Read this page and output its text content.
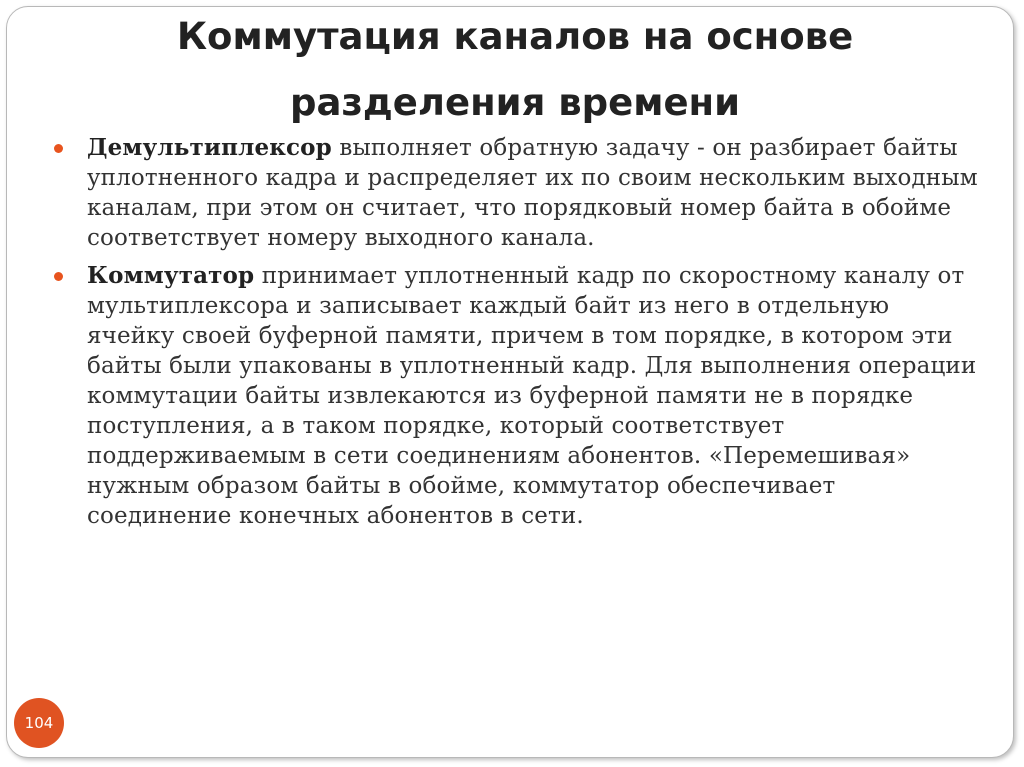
Коммутация каналов на основе
разделения времени
Демультиплексор выполняет обратную задачу - он разбирает байты уплотненного кадра и распределяет их по своим нескольким выходным каналам, при этом он считает, что порядковый номер байта в обойме соответствует номеру выходного канала.
Коммутатор принимает уплотненный кадр по скоростному каналу от мультиплексора и записывает каждый байт из него в отдельную ячейку своей буферной памяти, причем в том порядке, в котором эти байты были упакованы в уплотненный кадр. Для выполнения операции коммутации байты извлекаются из буферной памяти не в порядке поступления, а в таком порядке, который соответствует поддерживаемым в сети соединениям абонентов. «Перемешивая» нужным образом байты в обойме, коммутатор обеспечивает соединение конечных абонентов в сети.
104
